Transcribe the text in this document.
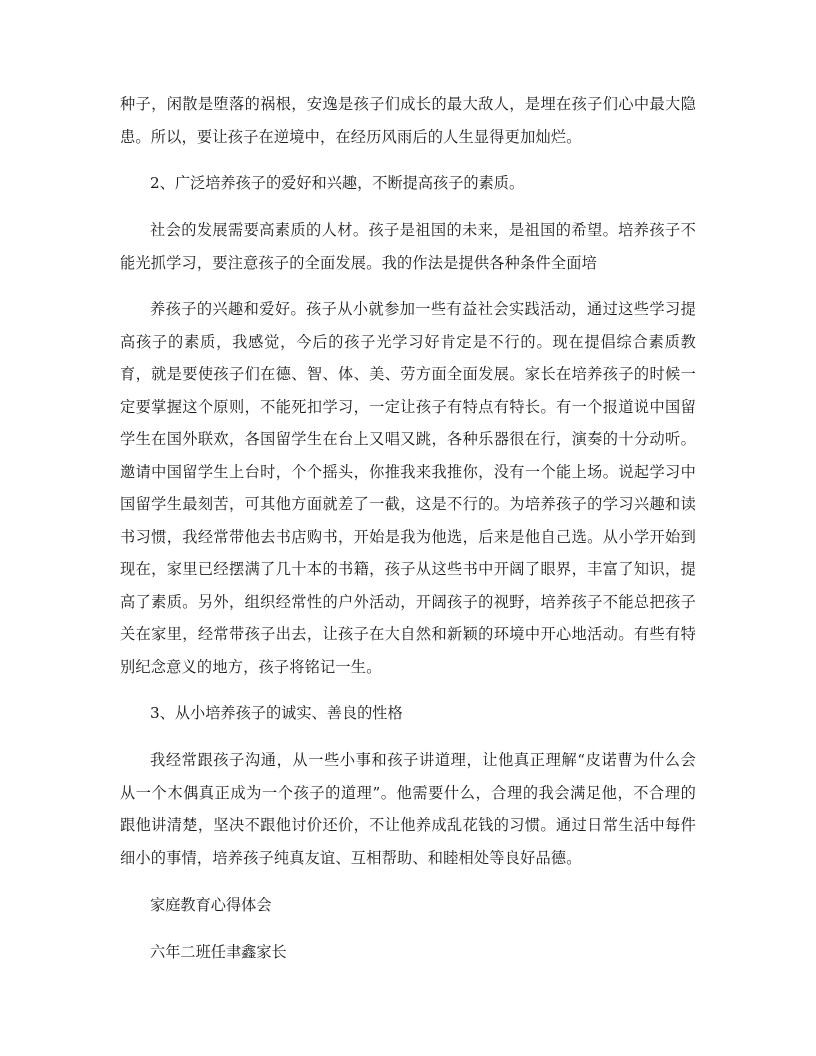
种子，闲散是堕落的祸根，安逸是孩子们成长的最大敌人，是埋在孩子们心中最大隐患。所以，要让孩子在逆境中，在经历风雨后的人生显得更加灿烂。

2、广泛培养孩子的爱好和兴趣，不断提高孩子的素质。

社会的发展需要高素质的人材。孩子是祖国的未来，是祖国的希望。培养孩子不能光抓学习，要注意孩子的全面发展。我的作法是提供各种条件全面培

养孩子的兴趣和爱好。孩子从小就参加一些有益社会实践活动，通过这些学习提高孩子的素质，我感觉，今后的孩子光学习好肯定是不行的。现在提倡综合素质教育，就是要使孩子们在德、智、体、美、劳方面全面发展。家长在培养孩子的时候一定要掌握这个原则，不能死扣学习，一定让孩子有特点有特长。有一个报道说中国留学生在国外联欢，各国留学生在台上又唱又跳，各种乐器很在行，演奏的十分动听。邀请中国留学生上台时，个个摇头，你推我来我推你，没有一个能上场。说起学习中国留学生最刻苦，可其他方面就差了一截，这是不行的。为培养孩子的学习兴趣和读书习惯，我经常带他去书店购书，开始是我为他选，后来是他自己选。从小学开始到现在，家里已经摆满了几十本的书籍，孩子从这些书中开阔了眼界，丰富了知识，提高了素质。另外，组织经常性的户外活动，开阔孩子的视野，培养孩子不能总把孩子关在家里，经常带孩子出去，让孩子在大自然和新颖的环境中开心地活动。有些有特别纪念意义的地方，孩子将铭记一生。

3、从小培养孩子的诚实、善良的性格

我经常跟孩子沟通，从一些小事和孩子讲道理，让他真正理解“皮诺曹为什么会从一个木偶真正成为一个孩子的道理”。他需要什么，合理的我会满足他，不合理的跟他讲清楚，坚决不跟他讨价还价，不让他养成乱花钱的习惯。通过日常生活中每件细小的事情，培养孩子纯真友谊、互相帮助、和睦相处等良好品德。

家庭教育心得体会

六年二班任聿鑫家长
